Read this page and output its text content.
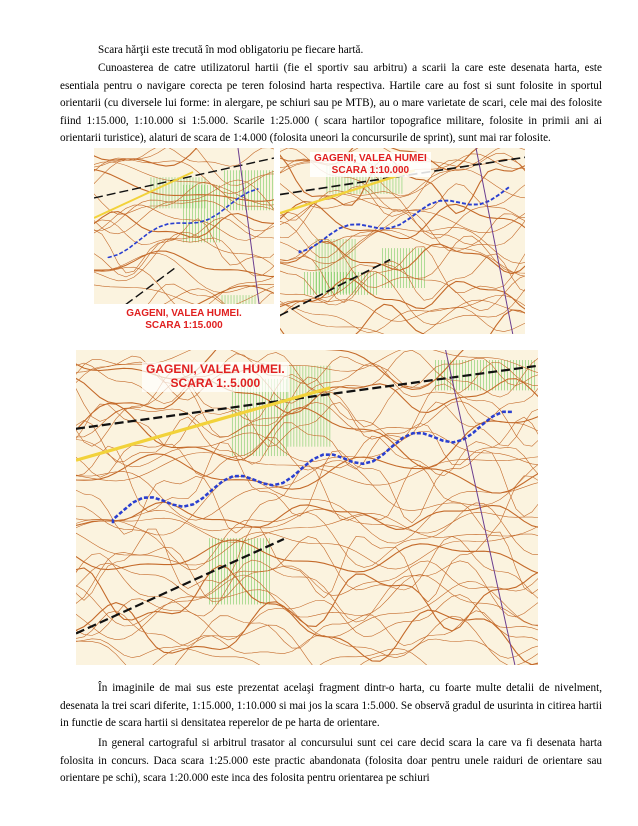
Scara hărţii este trecută în mod obligatoriu pe fiecare hartă.

Cunoasterea de catre utilizatorul hartii (fie el sportiv sau arbitru) a scarii la care este desenata harta, este esentiala pentru o navigare corecta pe teren folosind harta respectiva. Hartile care au fost si sunt folosite in sportul orientarii (cu diversele lui forme: in alergare, pe schiuri sau pe MTB), au o mare varietate de scari, cele mai des folosite fiind 1:15.000, 1:10.000 si 1:5.000. Scarile 1:25.000 ( scara hartilor topografice militare, folosite in primii ani ai orientarii turistice), alaturi de scara de 1:4.000 (folosita uneori la concursurile de sprint), sunt mai rar folosite.

GAGENI, VALEA HUMEI.
SCARA 1:15.000
GAGENI, VALEA HUMEI
SCARA 1:10.000
GAGENI, VALEA HUMEI.
SCARA 1:.5.000

În imaginile de mai sus este prezentat acelaşi fragment dintr-o harta, cu foarte multe detalii de nivelment, desenata la trei scari diferite, 1:15.000, 1:10.000 si mai jos la scara 1:5.000. Se observă gradul de usurinta in citirea hartii in functie de scara hartii si densitatea reperelor de pe harta de orientare.

In general cartograful si arbitrul trasator al concursului sunt cei care decid scara la care va fi desenata harta folosita in concurs. Daca scara 1:25.000 este practic abandonata (folosita doar pentru unele raiduri de orientare sau orientare pe schi), scara 1:20.000 este inca des folosita pentru orientarea pe schiuri
